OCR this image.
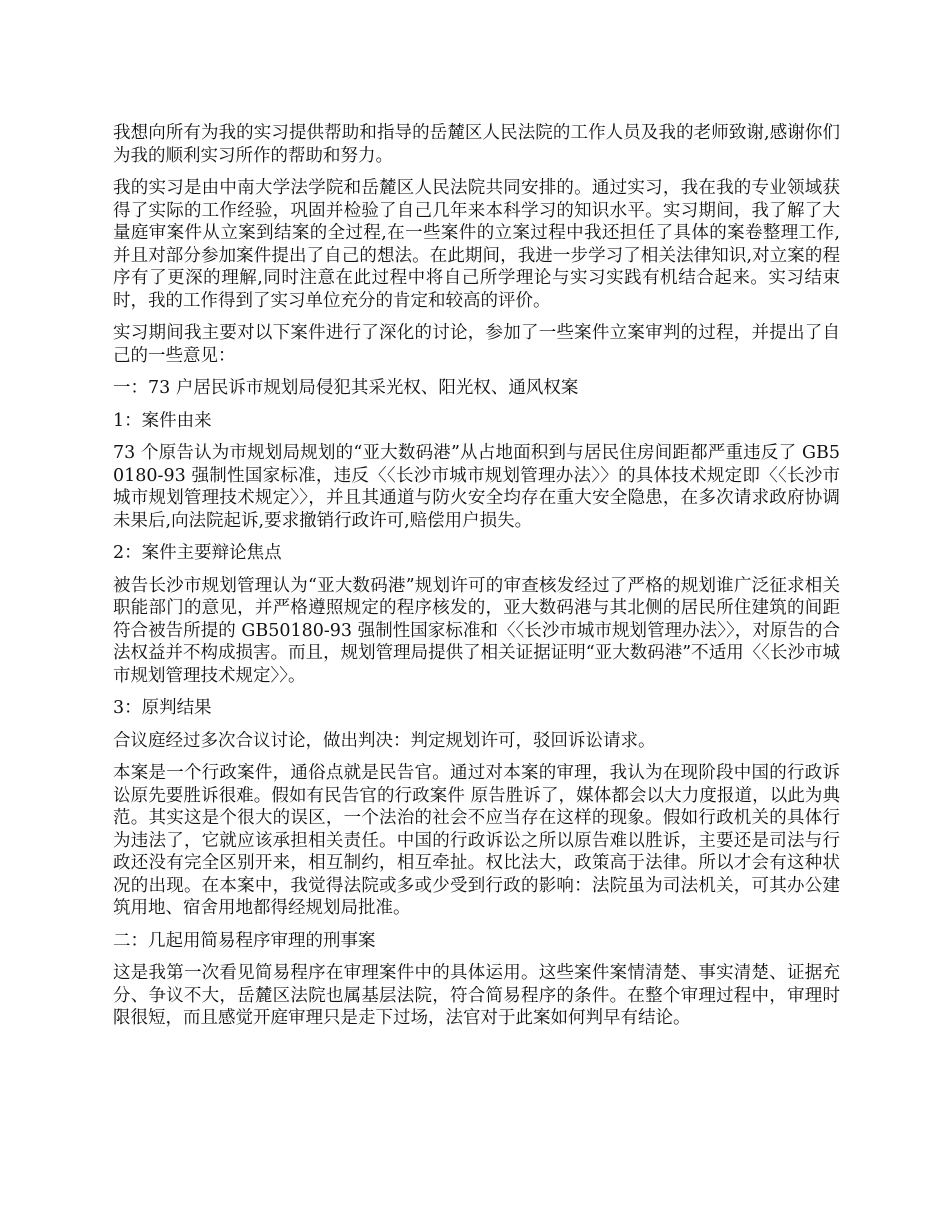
我想向所有为我的实习提供帮助和指导的岳麓区人民法院的工作人员及我的老师致谢,感谢你们为我的顺利实习所作的帮助和努力。

我的实习是由中南大学法学院和岳麓区人民法院共同安排的。通过实习，我在我的专业领域获得了实际的工作经验，巩固并检验了自己几年来本科学习的知识水平。实习期间，我了解了大量庭审案件从立案到结案的全过程,在一些案件的立案过程中我还担任了具体的案卷整理工作,并且对部分参加案件提出了自己的想法。在此期间，我进一步学习了相关法律知识,对立案的程序有了更深的理解,同时注意在此过程中将自己所学理论与实习实践有机结合起来。实习结束时，我的工作得到了实习单位充分的肯定和较高的评价。

实习期间我主要对以下案件进行了深化的讨论，参加了一些案件立案审判的过程，并提出了自己的一些意见：

一：73 户居民诉市规划局侵犯其采光权、阳光权、通风权案

1：案件由来

73 个原告认为市规划局规划的“亚大数码港”从占地面积到与居民住房间距都严重违反了 GB50180-93 强制性国家标准，违反〈〈长沙市城市规划管理办法〉〉的具体技术规定即〈〈长沙市城市规划管理技术规定〉〉，并且其通道与防火安全均存在重大安全隐患，在多次请求政府协调未果后,向法院起诉,要求撤销行政许可,赔偿用户损失。

2：案件主要辩论焦点

被告长沙市规划管理认为“亚大数码港”规划许可的审查核发经过了严格的规划谁广泛征求相关职能部门的意见，并严格遵照规定的程序核发的，亚大数码港与其北侧的居民所住建筑的间距符合被告所提的 GB50180-93 强制性国家标准和〈〈长沙市城市规划管理办法〉〉，对原告的合法权益并不构成损害。而且，规划管理局提供了相关证据证明“亚大数码港”不适用〈〈长沙市城市规划管理技术规定〉〉。

3：原判结果

合议庭经过多次合议讨论，做出判决：判定规划许可，驳回诉讼请求。

本案是一个行政案件，通俗点就是民告官。通过对本案的审理，我认为在现阶段中国的行政诉讼原先要胜诉很难。假如有民告官的行政案件 原告胜诉了，媒体都会以大力度报道，以此为典范。其实这是个很大的误区，一个法治的社会不应当存在这样的现象。假如行政机关的具体行为违法了，它就应该承担相关责任。中国的行政诉讼之所以原告难以胜诉，主要还是司法与行政还没有完全区别开来，相互制约，相互牵扯。权比法大，政策高于法律。所以才会有这种状况的出现。在本案中，我觉得法院或多或少受到行政的影响：法院虽为司法机关，可其办公建筑用地、宿舍用地都得经规划局批准。

二：几起用简易程序审理的刑事案

这是我第一次看见简易程序在审理案件中的具体运用。这些案件案情清楚、事实清楚、证据充分、争议不大，岳麓区法院也属基层法院，符合简易程序的条件。在整个审理过程中，审理时限很短，而且感觉开庭审理只是走下过场，法官对于此案如何判早有结论。
